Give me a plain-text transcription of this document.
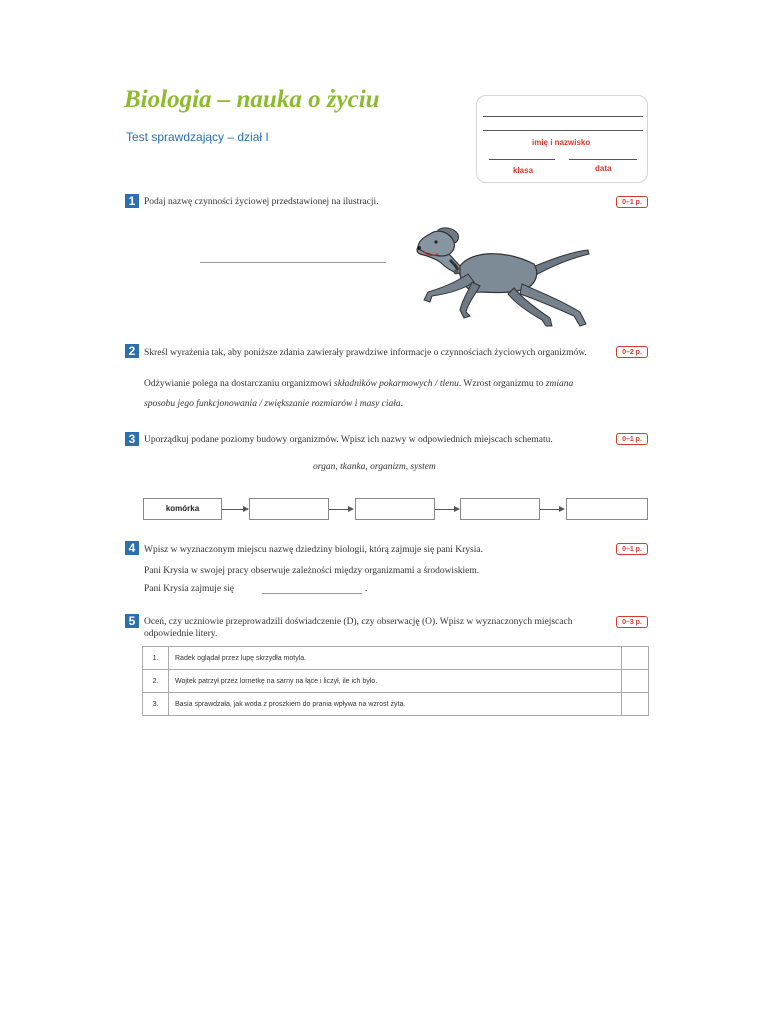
Biologia – nauka o życiu
Test sprawdzający – dział I	imię i nazwisko
klasa	data
1 Podaj nazwę czynności życiowej przedstawionej na ilustracji.	0–1 p.
2 Skreśl wyrażenia tak, aby poniższe zdania zawierały prawdziwe informacje o czynnościach życiowych organizmów.	0–2 p.
Odżywianie polega na dostarczaniu organizmowi składników pokarmowych / tlenu. Wzrost organizmu to zmiana
sposobu jego funkcjonowania / zwiększanie rozmiarów i masy ciała.
3 Uporządkuj podane poziomy budowy organizmów. Wpisz ich nazwy w odpowiednich miejscach schematu.	0–1 p.
organ, tkanka, organizm, system
komórka
4 Wpisz w wyznaczonym miejscu nazwę dziedziny biologii, którą zajmuje się pani Krysia.	0–1 p.
Pani Krysia w swojej pracy obserwuje zależności między organizmami a środowiskiem.
Pani Krysia zajmuje się	.
5 Oceń, czy uczniowie przeprowadzili doświadczenie (D), czy obserwację (O). Wpisz w wyznaczonych miejscach odpowiednie litery.
0–3 p.
1.	Radek oglądał przez lupę skrzydła motyla.	
2.	Wojtek patrzył przez lornetkę na sarny na łące i liczył, ile ich było.	
3.	Basia sprawdzała, jak woda z proszkiem do prania wpływa na wzrost żyta.	
